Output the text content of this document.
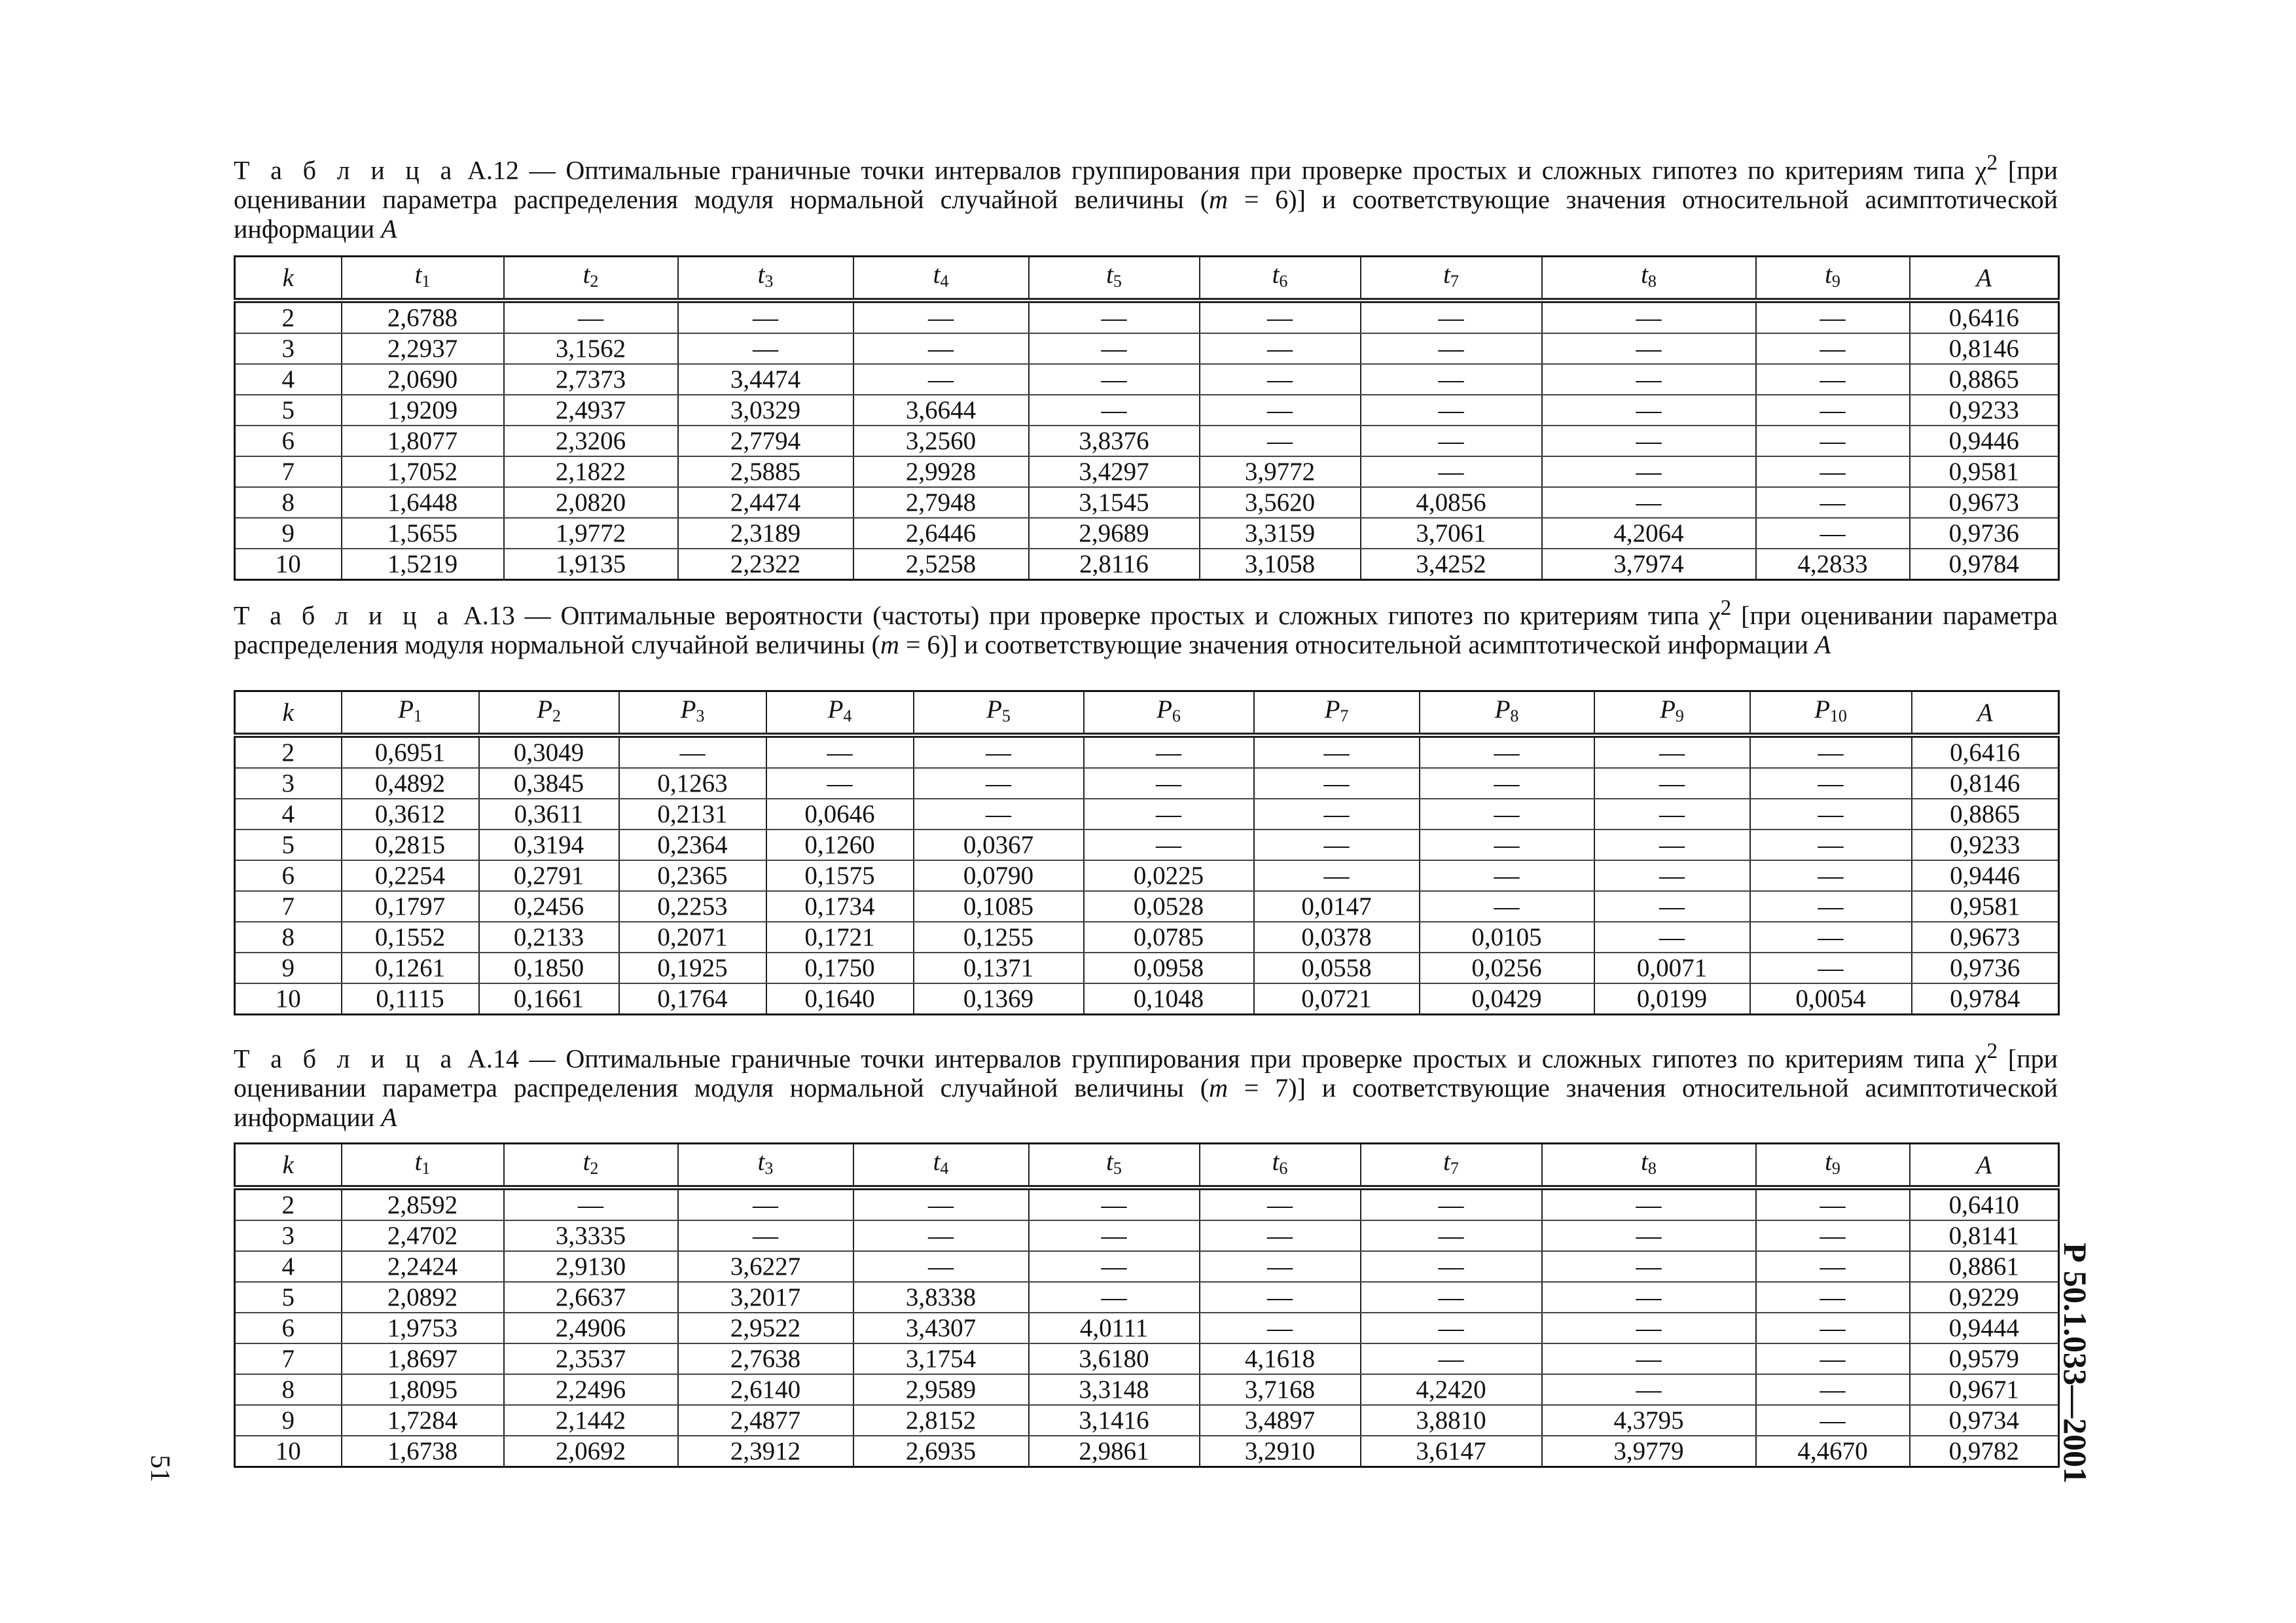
Т а б л и ц а А.12 — Оптимальные граничные точки интервалов группирования при проверке простых и сложных гипотез по критериям типа $\chi^2$ [при оценивании параметра распределения модуля нормальной случайной величины (m = 6)] и соответствующие значения относительной асимптотической информации A

k	$t_1$	$t_2$	$t_3$	$t_4$	$t_5$	$t_6$	$t_7$	$t_8$	$t_9$	A
2	2,6788	—	—	—	—	—	—	—	—	0,6416
3	2,2937	3,1562	—	—	—	—	—	—	—	0,8146
4	2,0690	2,7373	3,4474	—	—	—	—	—	—	0,8865
5	1,9209	2,4937	3,0329	3,6644	—	—	—	—	—	0,9233
6	1,8077	2,3206	2,7794	3,2560	3,8376	—	—	—	—	0,9446
7	1,7052	2,1822	2,5885	2,9928	3,4297	3,9772	—	—	—	0,9581
8	1,6448	2,0820	2,4474	2,7948	3,1545	3,5620	4,0856	—	—	0,9673
9	1,5655	1,9772	2,3189	2,6446	2,9689	3,3159	3,7061	4,2064	—	0,9736
10	1,5219	1,9135	2,2322	2,5258	2,8116	3,1058	3,4252	3,7974	4,2833	0,9784

Т а б л и ц а А.13 — Оптимальные вероятности (частоты) при проверке простых и сложных гипотез по критериям типа $\chi^2$ [при оценивании параметра распределения модуля нормальной случайной величины (m = 6)] и соответствующие значения относительной асимптотической информации A

k	$P_1$	$P_2$	$P_3$	$P_4$	$P_5$	$P_6$	$P_7$	$P_8$	$P_9$	$P_{10}$	A
2	0,6951	0,3049	—	—	—	—	—	—	—	—	0,6416
3	0,4892	0,3845	0,1263	—	—	—	—	—	—	—	0,8146
4	0,3612	0,3611	0,2131	0,0646	—	—	—	—	—	—	0,8865
5	0,2815	0,3194	0,2364	0,1260	0,0367	—	—	—	—	—	0,9233
6	0,2254	0,2791	0,2365	0,1575	0,0790	0,0225	—	—	—	—	0,9446
7	0,1797	0,2456	0,2253	0,1734	0,1085	0,0528	0,0147	—	—	—	0,9581
8	0,1552	0,2133	0,2071	0,1721	0,1255	0,0785	0,0378	0,0105	—	—	0,9673
9	0,1261	0,1850	0,1925	0,1750	0,1371	0,0958	0,0558	0,0256	0,0071	—	0,9736
10	0,1115	0,1661	0,1764	0,1640	0,1369	0,1048	0,0721	0,0429	0,0199	0,0054	0,9784

Т а б л и ц а А.14 — Оптимальные граничные точки интервалов группирования при проверке простых и сложных гипотез по критериям типа $\chi^2$ [при оценивании параметра распределения модуля нормальной случайной величины (m = 7)] и соответствующие значения относительной асимптотической информации A

k	$t_1$	$t_2$	$t_3$	$t_4$	$t_5$	$t_6$	$t_7$	$t_8$	$t_9$	A
2	2,8592	—	—	—	—	—	—	—	—	0,6410
3	2,4702	3,3335	—	—	—	—	—	—	—	0,8141
4	2,2424	2,9130	3,6227	—	—	—	—	—	—	0,8861
5	2,0892	2,6637	3,2017	3,8338	—	—	—	—	—	0,9229
6	1,9753	2,4906	2,9522	3,4307	4,0111	—	—	—	—	0,9444
7	1,8697	2,3537	2,7638	3,1754	3,6180	4,1618	—	—	—	0,9579
8	1,8095	2,2496	2,6140	2,9589	3,3148	3,7168	4,2420	—	—	0,9671
9	1,7284	2,1442	2,4877	2,8152	3,1416	3,4897	3,8810	4,3795	—	0,9734
10	1,6738	2,0692	2,3912	2,6935	2,9861	3,2910	3,6147	3,9779	4,4670	0,9782
51	Р 50.1.033—2001
